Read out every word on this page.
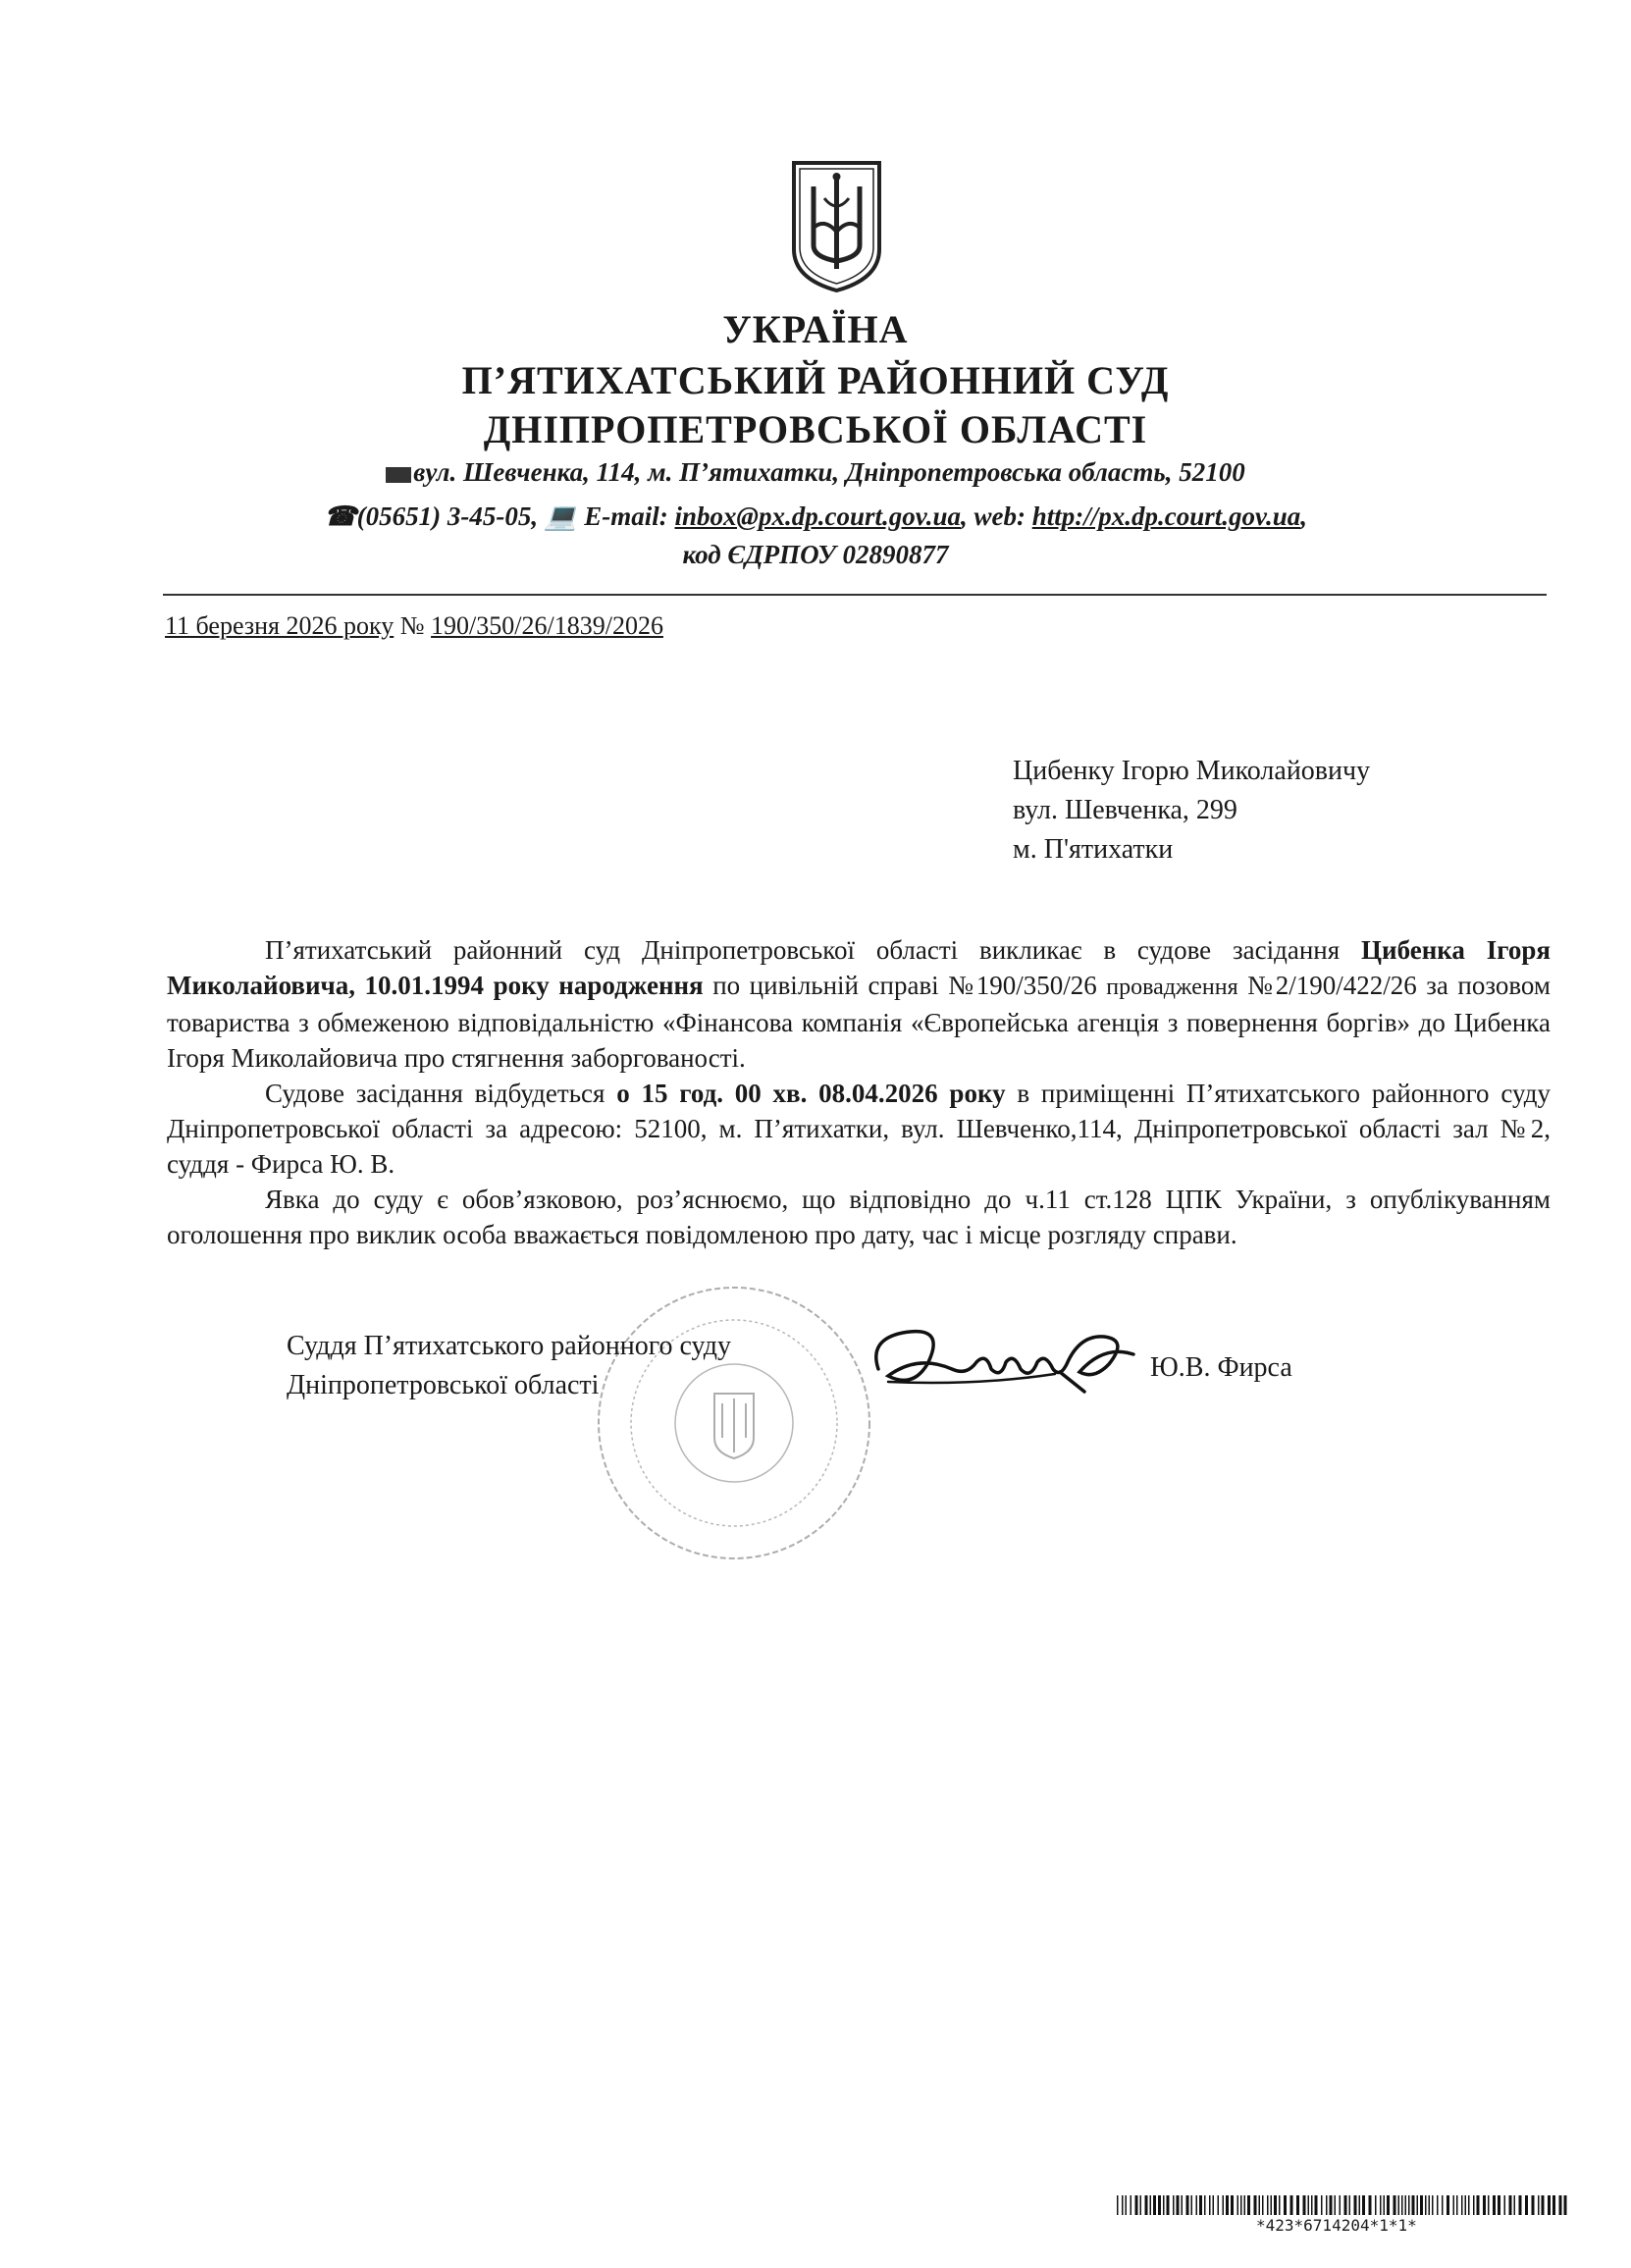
УКРАЇНА
П’ЯТИХАТСЬКИЙ РАЙОННИЙ СУД
ДНІПРОПЕТРОВСЬКОЇ ОБЛАСТІ
вул. Шевченка, 114, м. П’ятихатки, Дніпропетровська область, 52100
☎(05651) 3-45-05, 💻 E-mail: inbox@px.dp.court.gov.ua, web: http://px.dp.court.gov.ua,
код ЄДРПОУ 02890877
11 березня 2026 року № 190/350/26/1839/2026
Цибенку Ігорю Миколайовичу
вул. Шевченка, 299
м. П'ятихатки

П’ятихатський районний суд Дніпропетровської області викликає в судове засідання Цибенка Ігоря Миколайовича, 10.01.1994 року народження по цивільній справі №190/350/26 провадження №2/190/422/26 за позовом товариства з обмеженою відповідальністю «Фінансова компанія «Європейська агенція з повернення боргів» до Цибенка Ігоря Миколайовича про стягнення заборгованості.

Судове засідання відбудеться о 15 год. 00 хв. 08.04.2026 року в приміщенні П’ятихатського районного суду Дніпропетровської області за адресою: 52100, м. П’ятихатки, вул. Шевченко,114, Дніпропетровської області зал №2, суддя - Фирса Ю. В.

Явка до суду є обов’язковою, роз’яснюємо, що відповідно до ч.11 ст.128 ЦПК України, з опублікуванням оголошення про виклик особа вважається повідомленою про дату, час і місце розгляду справи.

Суддя П’ятихатського районного суду
Дніпропетровської області
Ю.В. Фирса
*423*6714204*1*1*
